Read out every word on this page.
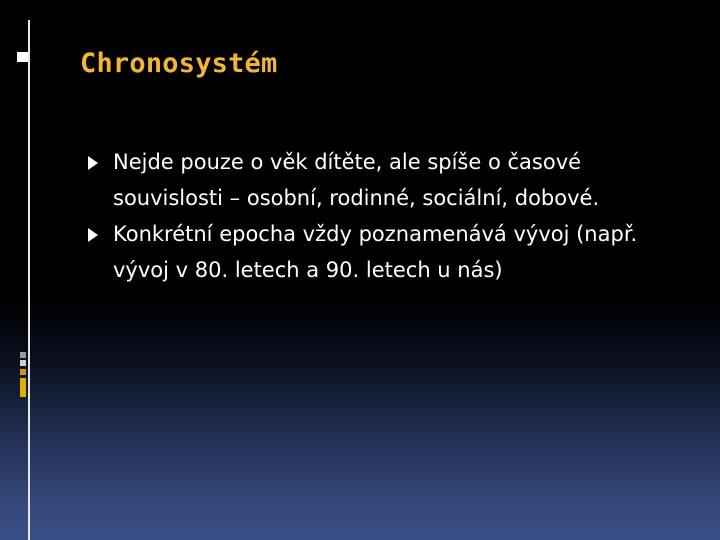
Chronosystém
Nejde pouze o věk dítěte, ale spíše o časové souvislosti – osobní, rodinné, sociální, dobové.
Konkrétní epocha vždy poznamenává vývoj (např. vývoj v 80. letech a 90. letech u nás)
